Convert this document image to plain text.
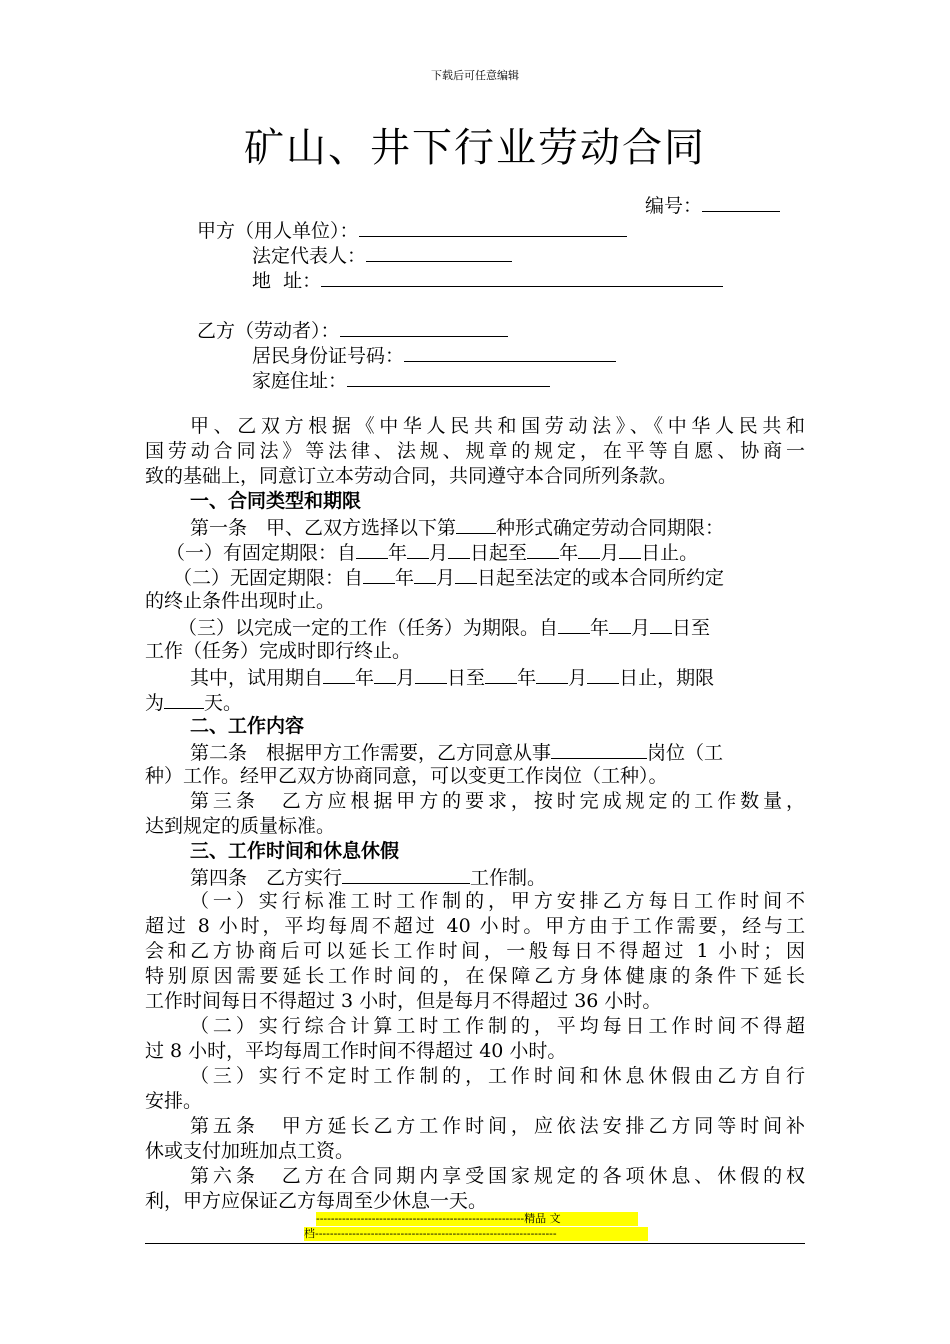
下载后可任意编辑
矿山、井下行业劳动合同
编号：
甲方（用人单位）：
法定代表人：
地  址：
乙方（劳动者）：
居民身份证号码：
家庭住址：
甲、乙双方根据《中华人民共和国劳动法》、《中华人民共和
国劳动合同法》等法律、法规、规章的规定，在平等自愿、协商一
致的基础上，同意订立本劳动合同，共同遵守本合同所列条款。
一、合同类型和期限
第一条　甲、乙双方选择以下第 种形式确定劳动合同期限：
（一）有固定期限：自 年 月 日起至 年 月 日止。
（二）无固定期限：自 年 月 日起至法定的或本合同所约定
的终止条件出现时止。
（三）以完成一定的工作（任务）为期限。自 年 月 日至
工作（任务）完成时即行终止。
其中，试用期自 年 月 日至 年 月 日止，期限
为 天。
二、工作内容
第二条　根据甲方工作需要，乙方同意从事	岗位（工
种）工作。经甲乙双方协商同意，可以变更工作岗位（工种）。
第三条　乙方应根据甲方的要求，按时完成规定的工作数量，
达到规定的质量标准。
三、工作时间和休息休假
第四条　乙方实行	工作制。
（一）实行标准工时工作制的，甲方安排乙方每日工作时间不
超过 8 小时，平均每周不超过 40 小时。甲方由于工作需要，经与工
会和乙方协商后可以延长工作时间，一般每日不得超过 1 小时；因
特别原因需要延长工作时间的，在保障乙方身体健康的条件下延长
工作时间每日不得超过 3 小时，但是每月不得超过 36 小时。
（二）实行综合计算工时工作制的，平均每日工作时间不得超
过 8 小时，平均每周工作时间不得超过 40 小时。
（三）实行不定时工作制的，工作时间和休息休假由乙方自行
安排。
第五条　甲方延长乙方工作时间，应依法安排乙方同等时间补
休或支付加班加点工资。
第六条　乙方在合同期内享受国家规定的各项休息、休假的权
利，甲方应保证乙方每周至少休息一天。
--------------------------------------------------------精品 文
档-----------------------------------------------------------------
